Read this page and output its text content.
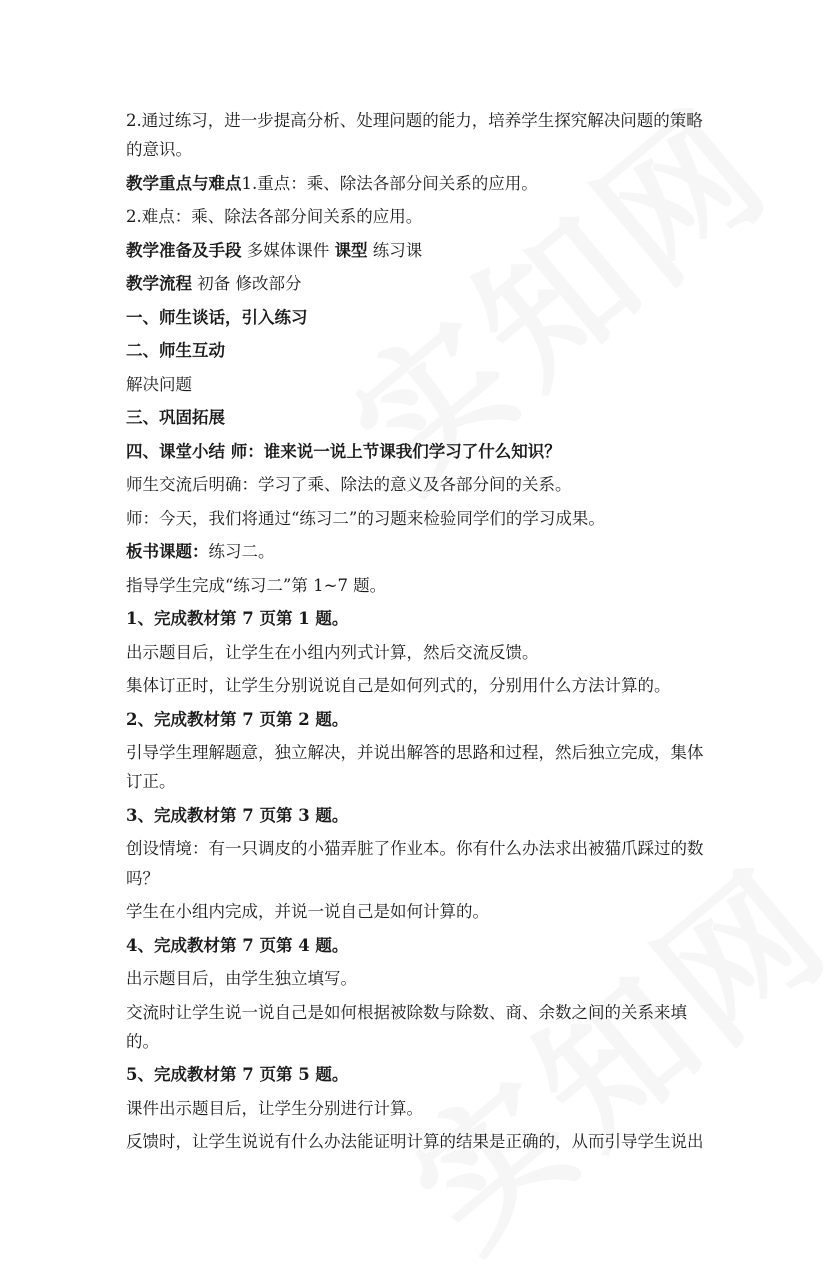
2.通过练习，进一步提高分析、处理问题的能力，培养学生探究解决问题的策略的意识。

教学重点与难点1.重点：乘、除法各部分间关系的应用。

2.难点：乘、除法各部分间关系的应用。

教学准备及手段 多媒体课件 课型 练习课

教学流程 初备 修改部分

一、师生谈话，引入练习

二、师生互动

解决问题

三、巩固拓展

四、课堂小结 师：谁来说一说上节课我们学习了什么知识？

师生交流后明确：学习了乘、除法的意义及各部分间的关系。

师：今天，我们将通过“练习二”的习题来检验同学们的学习成果。

板书课题：练习二。

指导学生完成“练习二”第 1~7 题。

1、完成教材第 7 页第 1 题。

出示题目后，让学生在小组内列式计算，然后交流反馈。

集体订正时，让学生分别说说自己是如何列式的，分别用什么方法计算的。

2、完成教材第 7 页第 2 题。

引导学生理解题意，独立解决，并说出解答的思路和过程，然后独立完成，集体订正。

3、完成教材第 7 页第 3 题。

创设情境：有一只调皮的小猫弄脏了作业本。你有什么办法求出被猫爪踩过的数吗？

学生在小组内完成，并说一说自己是如何计算的。

4、完成教材第 7 页第 4 题。

出示题目后，由学生独立填写。

交流时让学生说一说自己是如何根据被除数与除数、商、余数之间的关系来填的。

5、完成教材第 7 页第 5 题。

课件出示题目后，让学生分别进行计算。

反馈时，让学生说说有什么办法能证明计算的结果是正确的，从而引导学生说出
